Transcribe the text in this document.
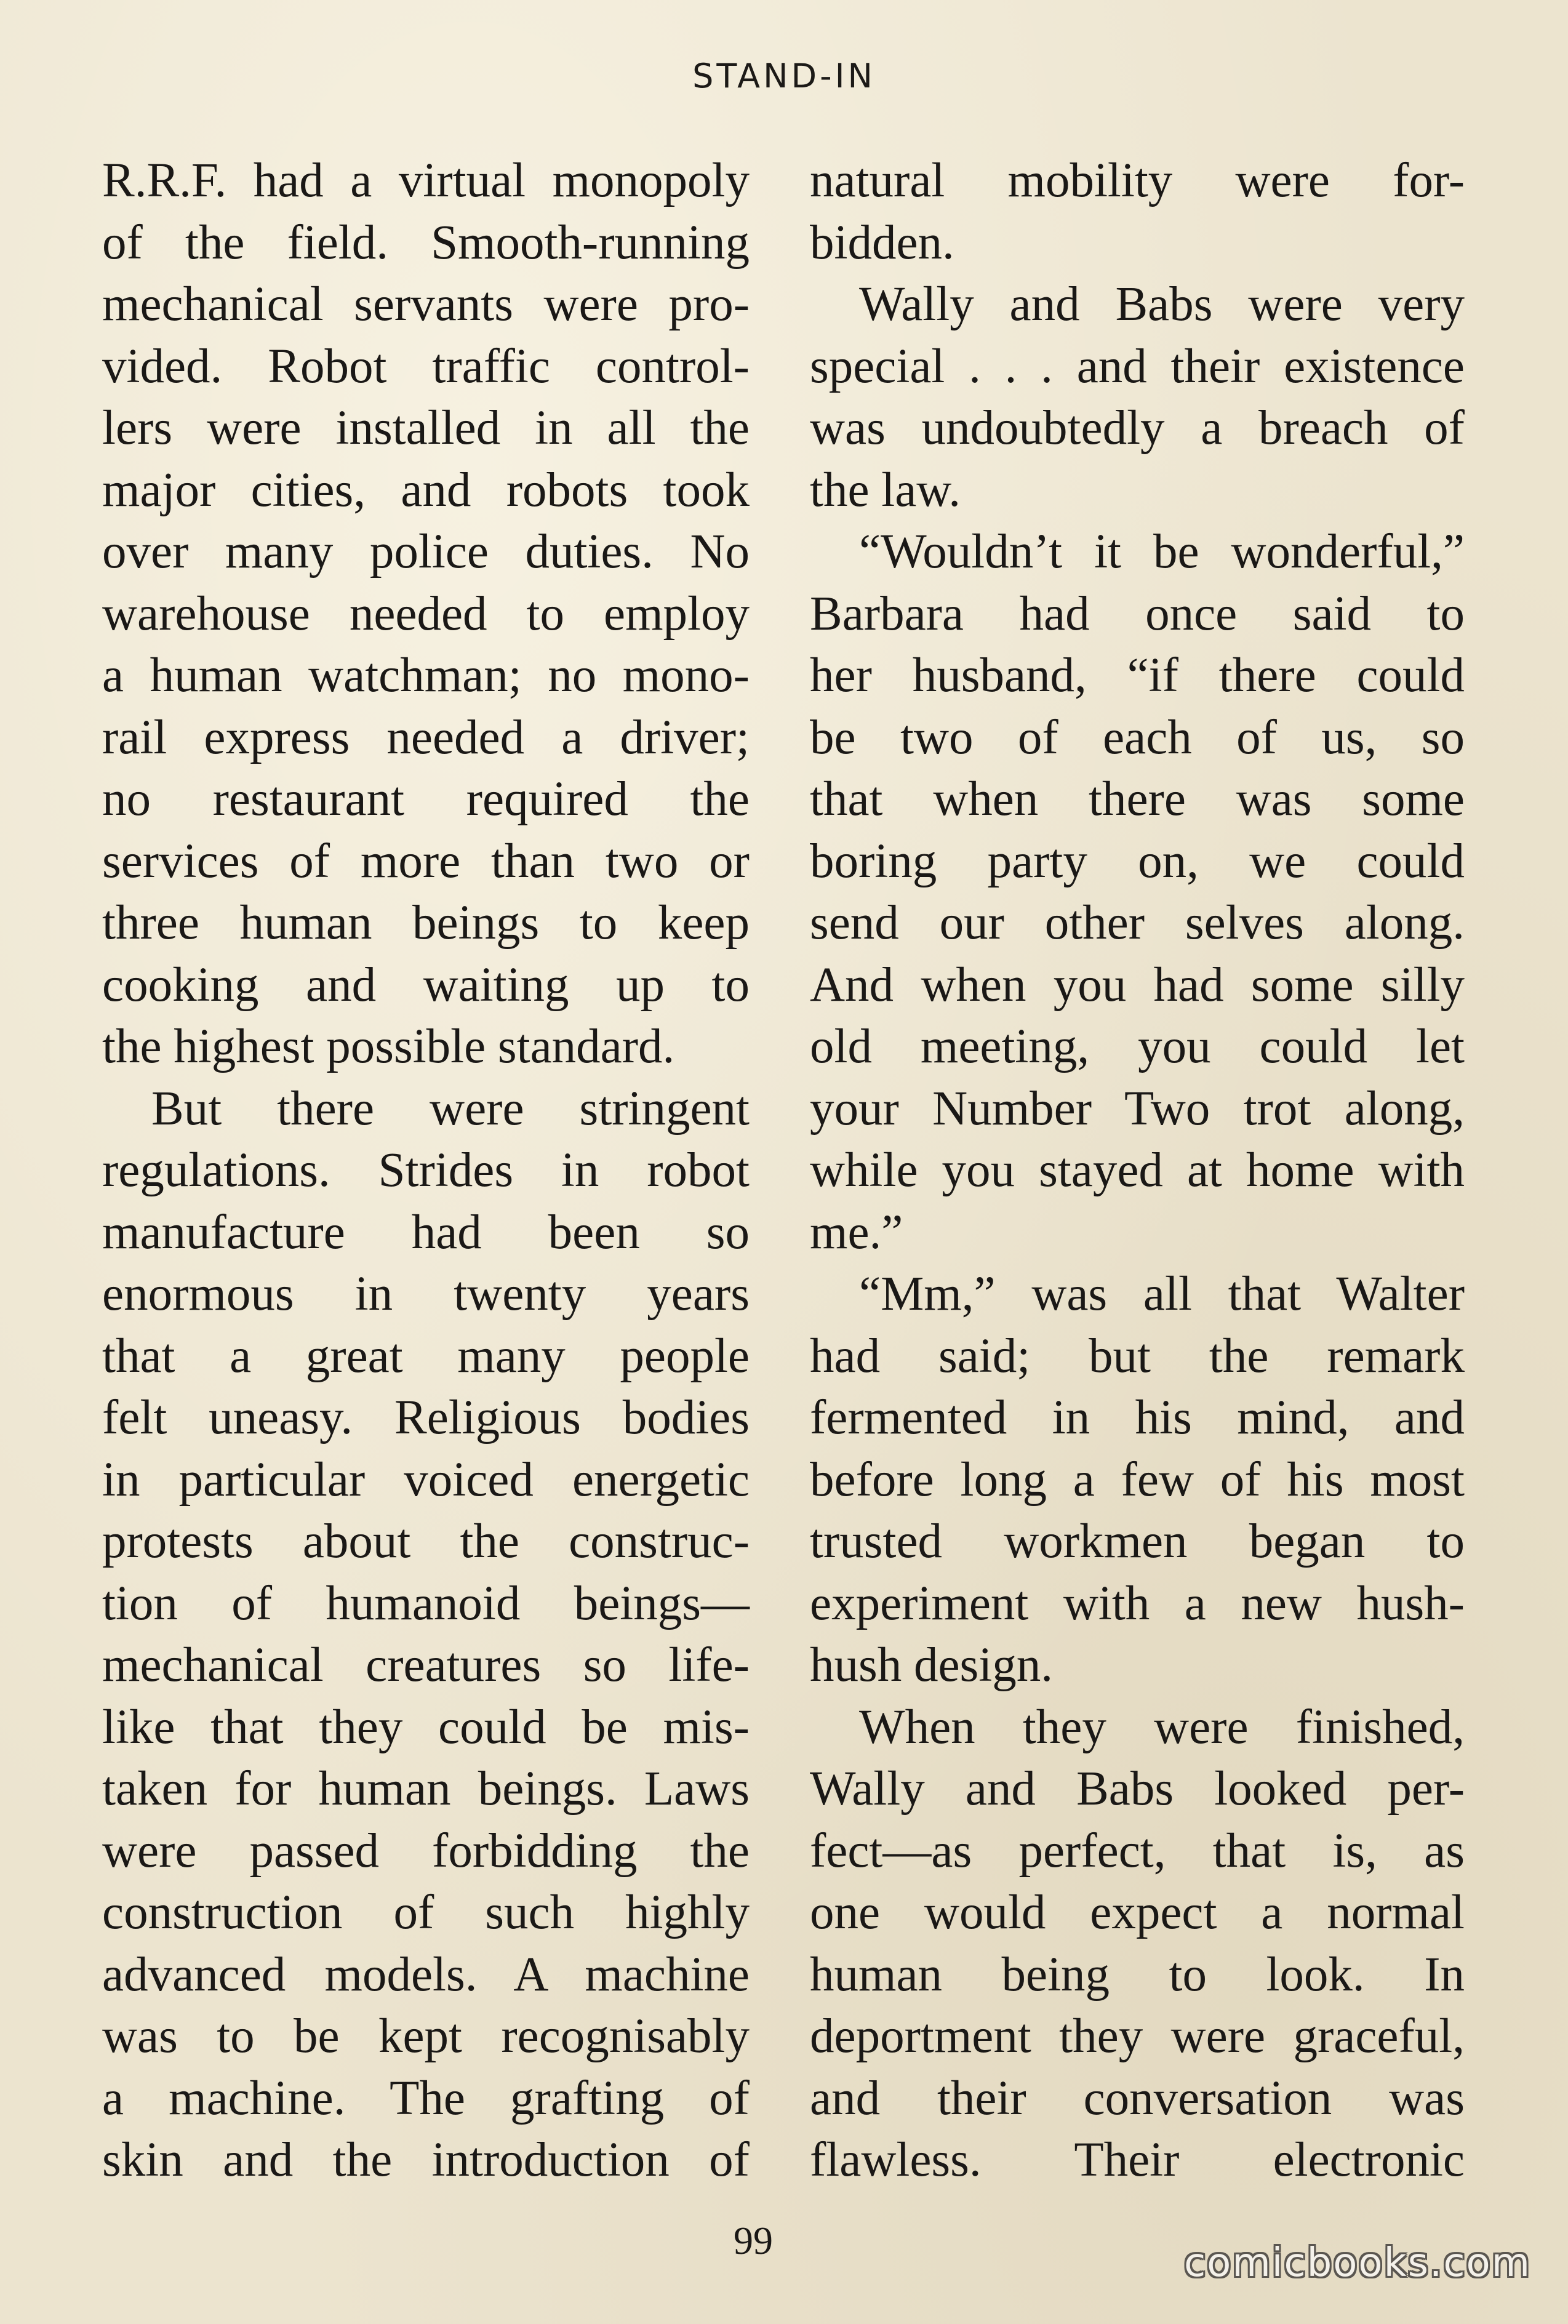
STAND-IN
R.R.F. had a virtual monopoly
of the field. Smooth-running
mechanical servants were pro-
vided. Robot traffic control-
lers were installed in all the
major cities, and robots took
over many police duties. No
warehouse needed to employ
a human watchman; no mono-
rail express needed a driver;
no restaurant required the
services of more than two or
three human beings to keep
cooking and waiting up to
the highest possible standard.
But there were stringent
regulations. Strides in robot
manufacture had been so
enormous in twenty years
that a great many people
felt uneasy. Religious bodies
in particular voiced energetic
protests about the construc-
tion of humanoid beings—
mechanical creatures so life-
like that they could be mis-
taken for human beings. Laws
were passed forbidding the
construction of such highly
advanced models. A machine
was to be kept recognisably
a machine. The grafting of
skin and the introduction of
natural mobility were for-
bidden.
Wally and Babs were very
special . . . and their existence
was undoubtedly a breach of
the law.
“Wouldn’t it be wonderful,”
Barbara had once said to
her husband, “if there could
be two of each of us, so
that when there was some
boring party on, we could
send our other selves along.
And when you had some silly
old meeting, you could let
your Number Two trot along,
while you stayed at home with
me.”
“Mm,” was all that Walter
had said; but the remark
fermented in his mind, and
before long a few of his most
trusted workmen began to
experiment with a new hush-
hush design.
When they were finished,
Wally and Babs looked per-
fect—as perfect, that is, as
one would expect a normal
human being to look. In
deportment they were graceful,
and their conversation was
flawless. Their electronic
99	comicbooks.com
